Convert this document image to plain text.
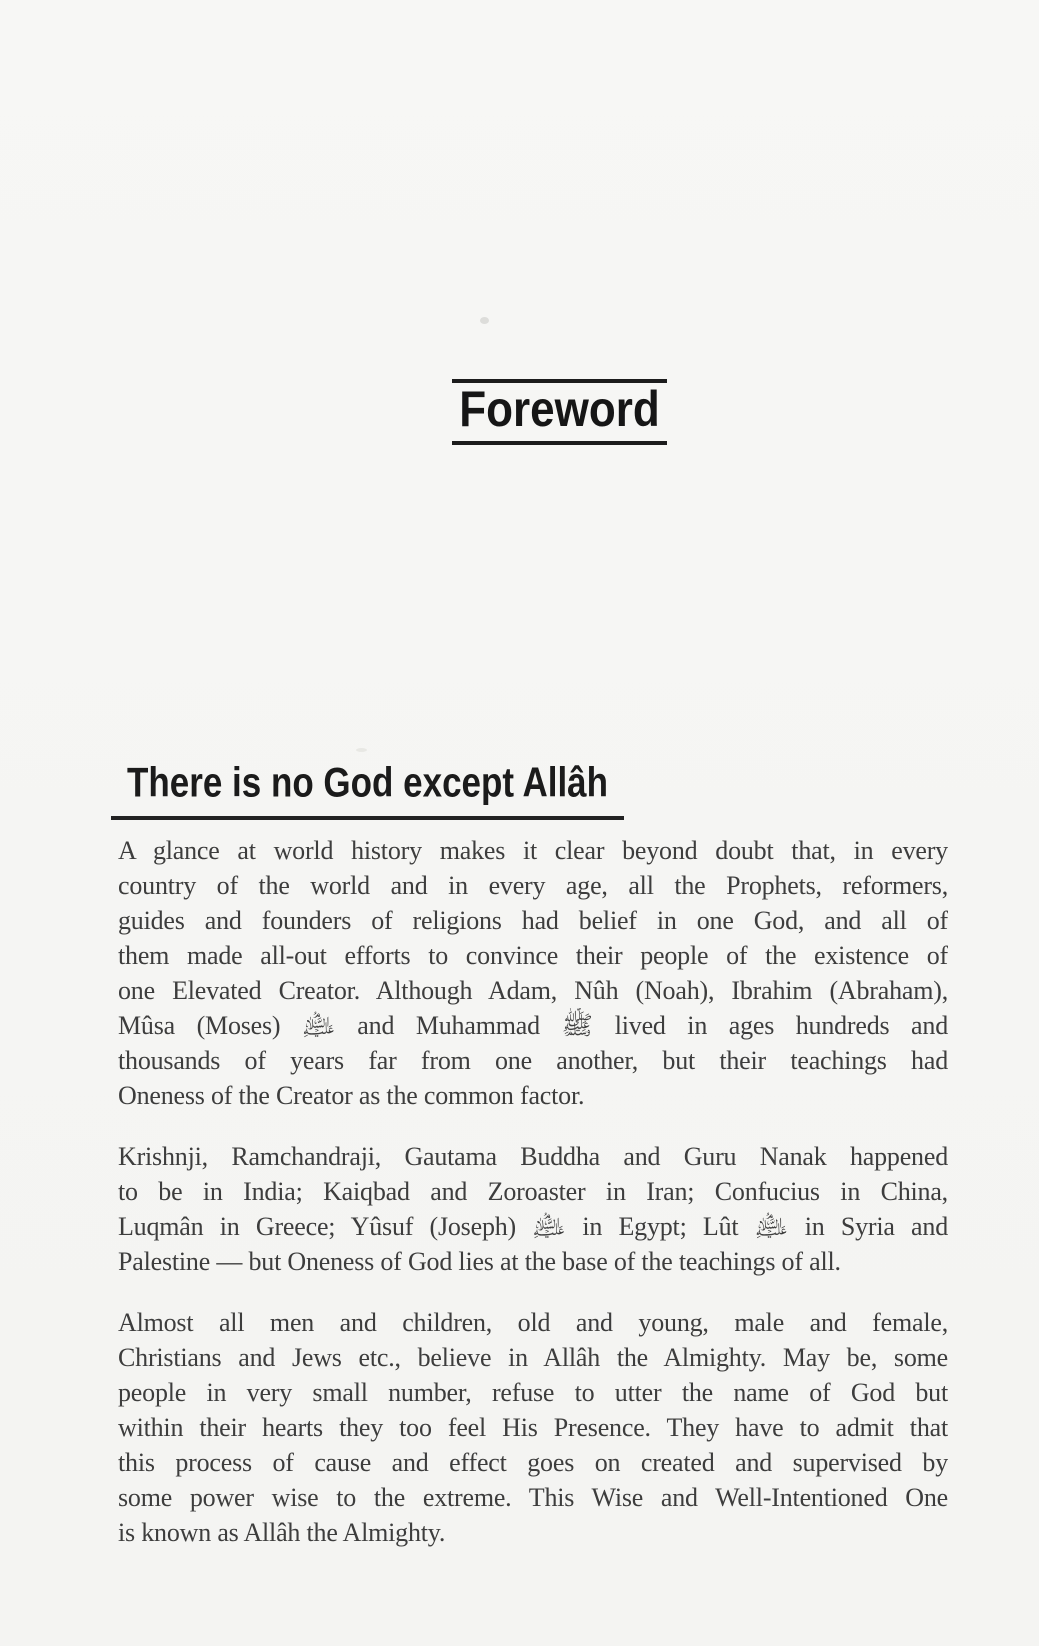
Foreword
There is no God except Allâh

A glance at world history makes it clear beyond doubt that, in every
country of the world and in every age, all the Prophets, reformers,
guides and founders of religions had belief in one God, and all of
them made all-out efforts to convince their people of the existence of
one Elevated Creator. Although Adam, Nûh (Noah), Ibrahim (Abraham),
Mûsa (Moses) ﵇ and Muhammad ﷺ lived in ages hundreds and
thousands of years far from one another, but their teachings had
Oneness of the Creator as the common factor.

Krishnji, Ramchandraji, Gautama Buddha and Guru Nanak happened
to be in India; Kaiqbad and Zoroaster in Iran; Confucius in China,
Luqmân in Greece; Yûsuf (Joseph) ﵇ in Egypt; Lût ﵇ in Syria and
Palestine — but Oneness of God lies at the base of the teachings of all.

Almost all men and children, old and young, male and female,
Christians and Jews etc., believe in Allâh the Almighty. May be, some
people in very small number, refuse to utter the name of God but
within their hearts they too feel His Presence. They have to admit that
this process of cause and effect goes on created and supervised by
some power wise to the extreme. This Wise and Well-Intentioned One
is known as Allâh the Almighty.
